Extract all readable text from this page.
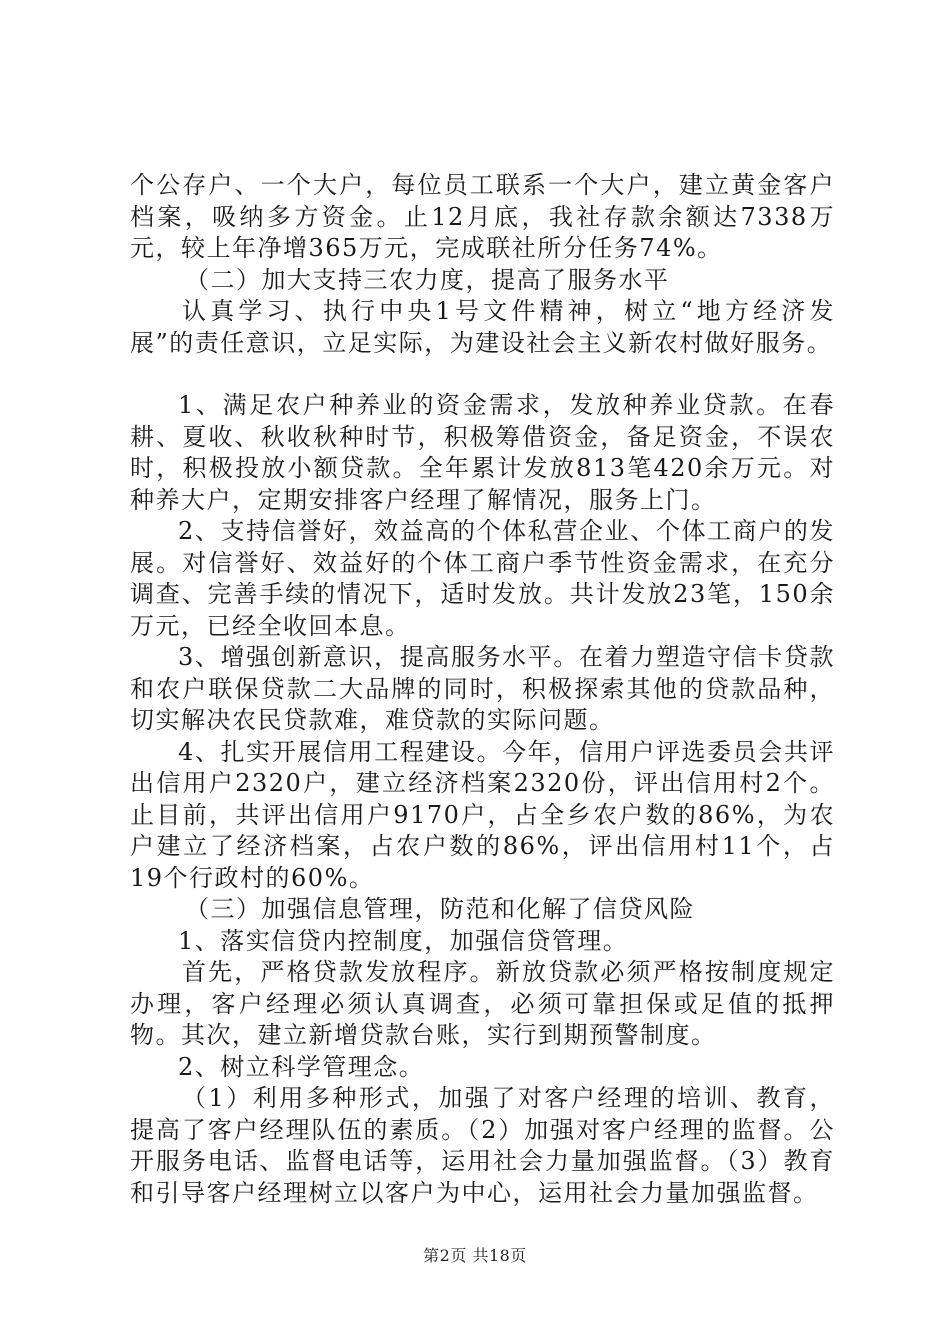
个公存户、一个大户，每位员工联系一个大户，建立黄金客户档案，吸纳多方资金。止12月底，我社存款余额达7338万元，较上年净增365万元，完成联社所分任务74%。

（二）加大支持三农力度，提高了服务水平

认真学习、执行中央1号文件精神，树立“地方经济发展”的责任意识，立足实际，为建设社会主义新农村做好服务。

1、满足农户种养业的资金需求，发放种养业贷款。在春耕、夏收、秋收秋种时节，积极筹借资金，备足资金，不误农时，积极投放小额贷款。全年累计发放813笔420余万元。对种养大户，定期安排客户经理了解情况，服务上门。

2、支持信誉好，效益高的个体私营企业、个体工商户的发展。对信誉好、效益好的个体工商户季节性资金需求，在充分调查、完善手续的情况下，适时发放。共计发放23笔，150余万元，已经全收回本息。

3、增强创新意识，提高服务水平。在着力塑造守信卡贷款和农户联保贷款二大品牌的同时，积极探索其他的贷款品种，切实解决农民贷款难，难贷款的实际问题。

4、扎实开展信用工程建设。今年，信用户评选委员会共评出信用户2320户，建立经济档案2320份，评出信用村2个。止目前，共评出信用户9170户，占全乡农户数的86%，为农户建立了经济档案，占农户数的86%，评出信用村11个，占19个行政村的60%。

（三）加强信息管理，防范和化解了信贷风险

1、落实信贷内控制度，加强信贷管理。

首先，严格贷款发放程序。新放贷款必须严格按制度规定办理，客户经理必须认真调查，必须可靠担保或足值的抵押物。其次，建立新增贷款台账，实行到期预警制度。

2、树立科学管理念。

（1）利用多种形式，加强了对客户经理的培训、教育，提高了客户经理队伍的素质。（2）加强对客户经理的监督。公开服务电话、监督电话等，运用社会力量加强监督。（3）教育和引导客户经理树立以客户为中心，运用社会力量加强监督。

第2页 共18页
